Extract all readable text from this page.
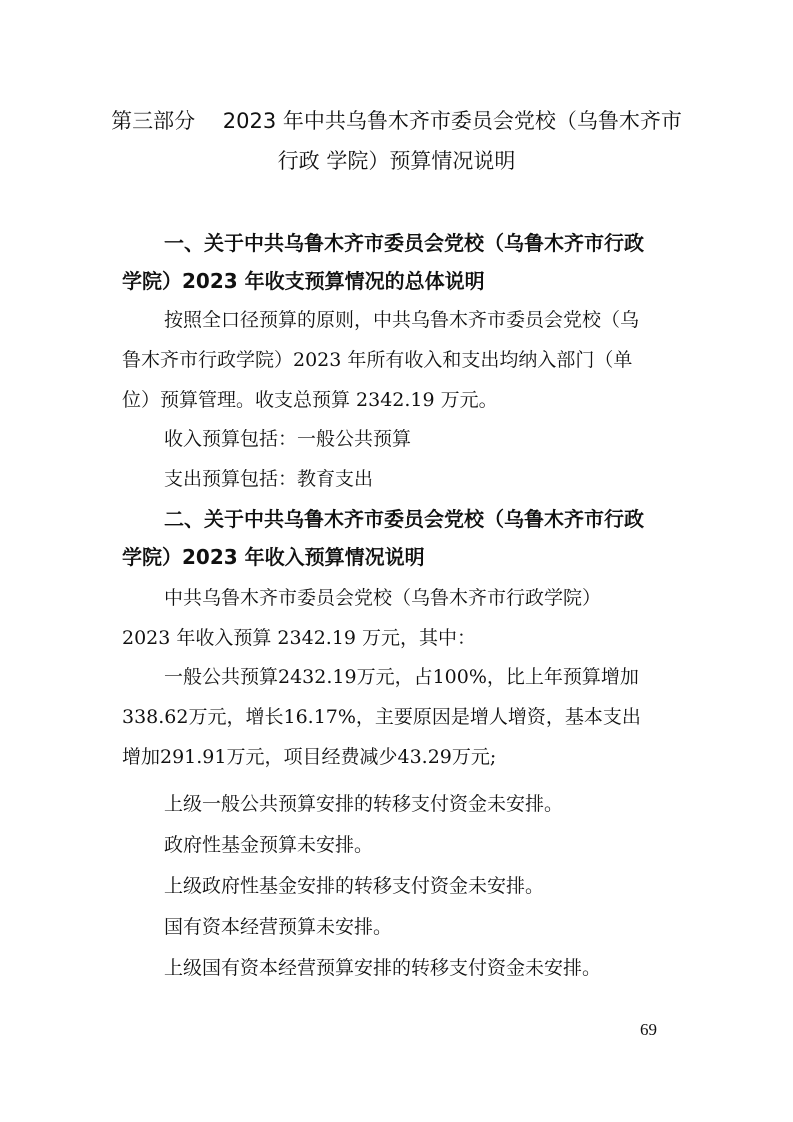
第三部分　 2023 年中共乌鲁木齐市委员会党校（乌鲁木齐市
行政 学院）预算情况说明
一、关于中共乌鲁木齐市委员会党校（乌鲁木齐市行政
学院）2023 年收支预算情况的总体说明
按照全口径预算的原则，中共乌鲁木齐市委员会党校（乌
鲁木齐市行政学院）2023 年所有收入和支出均纳入部门（单
位）预算管理。收支总预算 2342.19 万元。
收入预算包括：一般公共预算
支出预算包括：教育支出
二、关于中共乌鲁木齐市委员会党校（乌鲁木齐市行政
学院）2023 年收入预算情况说明
中共乌鲁木齐市委员会党校（乌鲁木齐市行政学院）
2023 年收入预算 2342.19 万元，其中：
一般公共预算2432.19万元，占100%，比上年预算增加
338.62万元，增长16.17%，主要原因是增人增资，基本支出
增加291.91万元，项目经费减少43.29万元;
上级一般公共预算安排的转移支付资金未安排。
政府性基金预算未安排。
上级政府性基金安排的转移支付资金未安排。
国有资本经营预算未安排。
上级国有资本经营预算安排的转移支付资金未安排。
69
